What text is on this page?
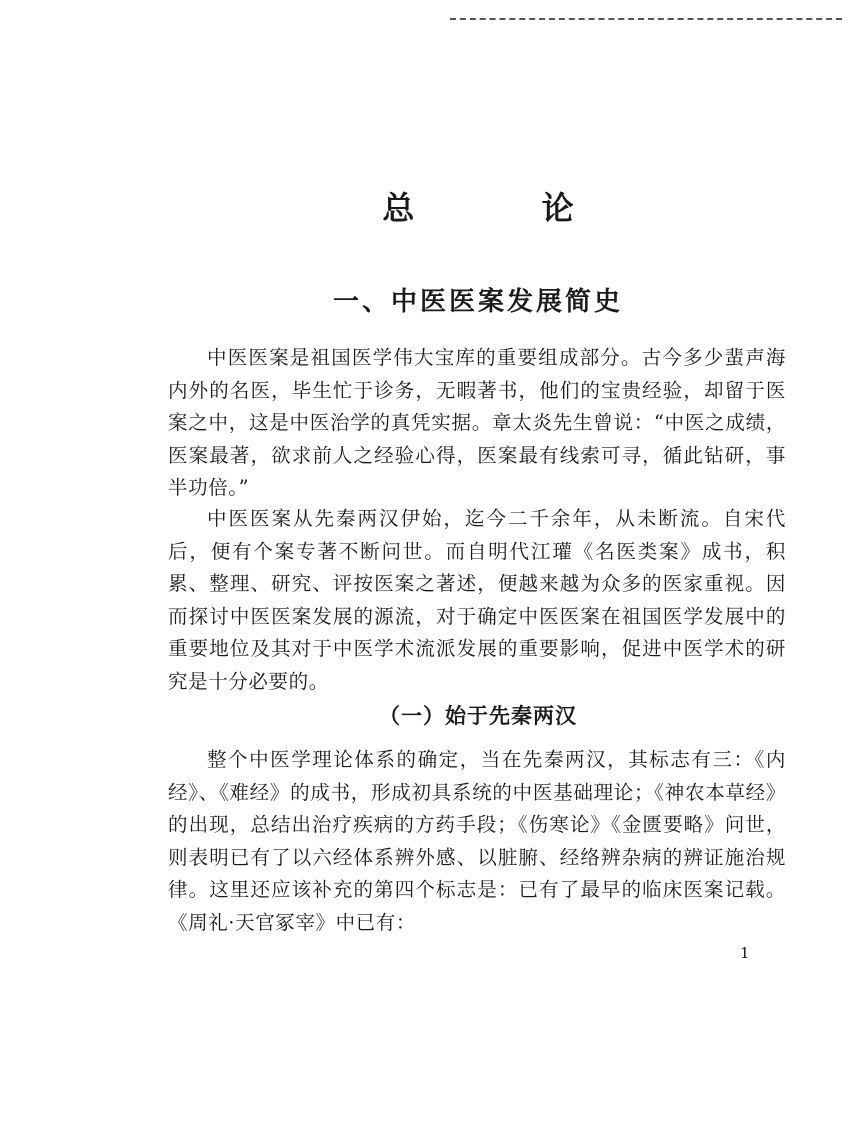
总 论
一、中医医案发展简史

中医医案是祖国医学伟大宝库的重要组成部分。古今多少蜚声海内外的名医，毕生忙于诊务，无暇著书，他们的宝贵经验，却留于医案之中，这是中医治学的真凭实据。章太炎先生曾说：“中医之成绩，医案最著，欲求前人之经验心得，医案最有线索可寻，循此钻研，事半功倍。”

中医医案从先秦两汉伊始，迄今二千余年，从未断流。自宋代后，便有个案专著不断问世。而自明代江瓘《名医类案》成书，积累、整理、研究、评按医案之著述，便越来越为众多的医家重视。因而探讨中医医案发展的源流，对于确定中医医案在祖国医学发展中的重要地位及其对于中医学术流派发展的重要影响，促进中医学术的研究是十分必要的。

（一）始于先秦两汉

整个中医学理论体系的确定，当在先秦两汉，其标志有三：《内经》、《难经》的成书，形成初具系统的中医基础理论；《神农本草经》的出现，总结出治疗疾病的方药手段；《伤寒论》《金匮要略》问世，则表明已有了以六经体系辨外感、以脏腑、经络辨杂病的辨证施治规律。这里还应该补充的第四个标志是：已有了最早的临床医案记载。《周礼·天官冢宰》中已有：

1
